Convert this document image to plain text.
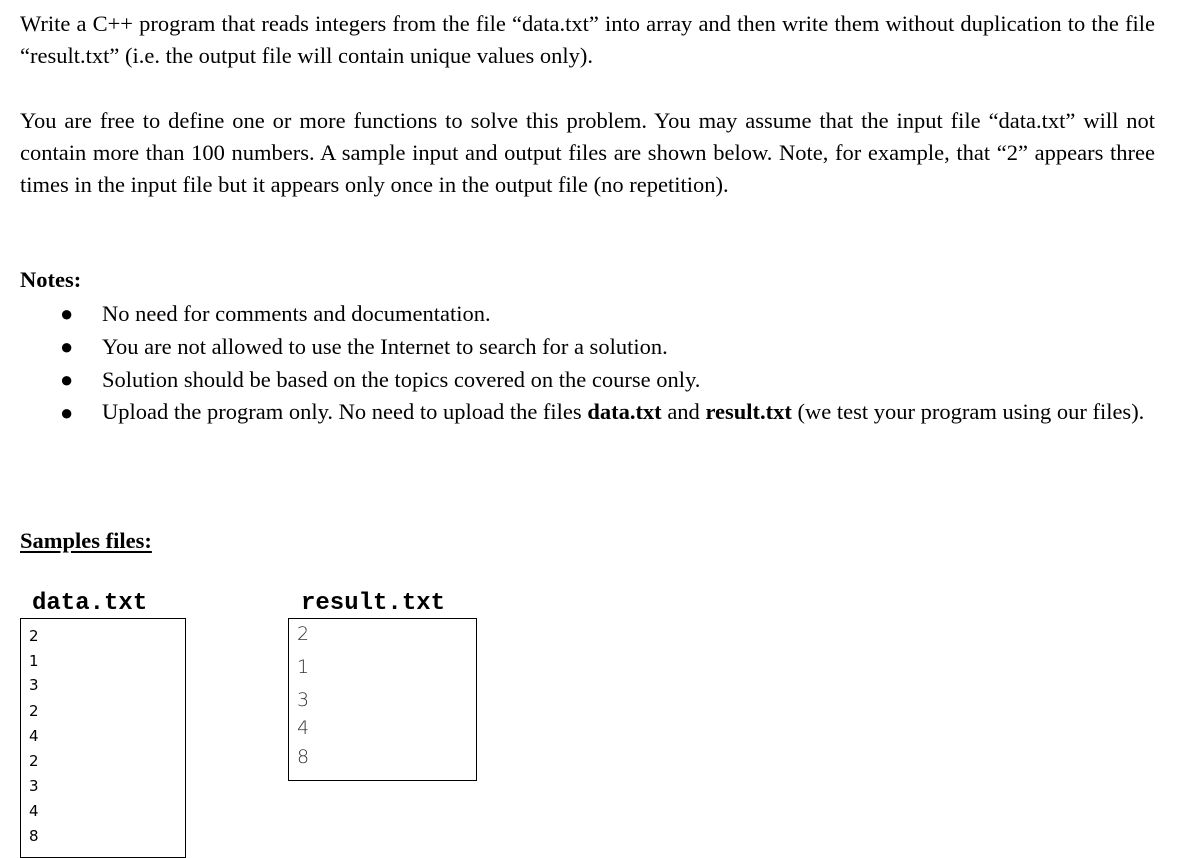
Write a C++ program that reads integers from the file “data.txt” into array and then write them without duplication to the file “result.txt” (i.e. the output file will contain unique values only).

You are free to define one or more functions to solve this problem. You may assume that the input file “data.txt” will not contain more than 100 numbers. A sample input and output files are shown below. Note, for example, that “2” appears three times in the input file but it appears only once in the output file (no repetition).

Notes:
● No need for comments and documentation.
● You are not allowed to use the Internet to search for a solution.
● Solution should be based on the topics covered on the course only.
● Upload the program only. No need to upload the files data.txt and result.txt (we test your program using our files).
Samples files:
data.txt	result.txt
2
1
3
2
4
2
3
4
8
2
1
3
4
8
